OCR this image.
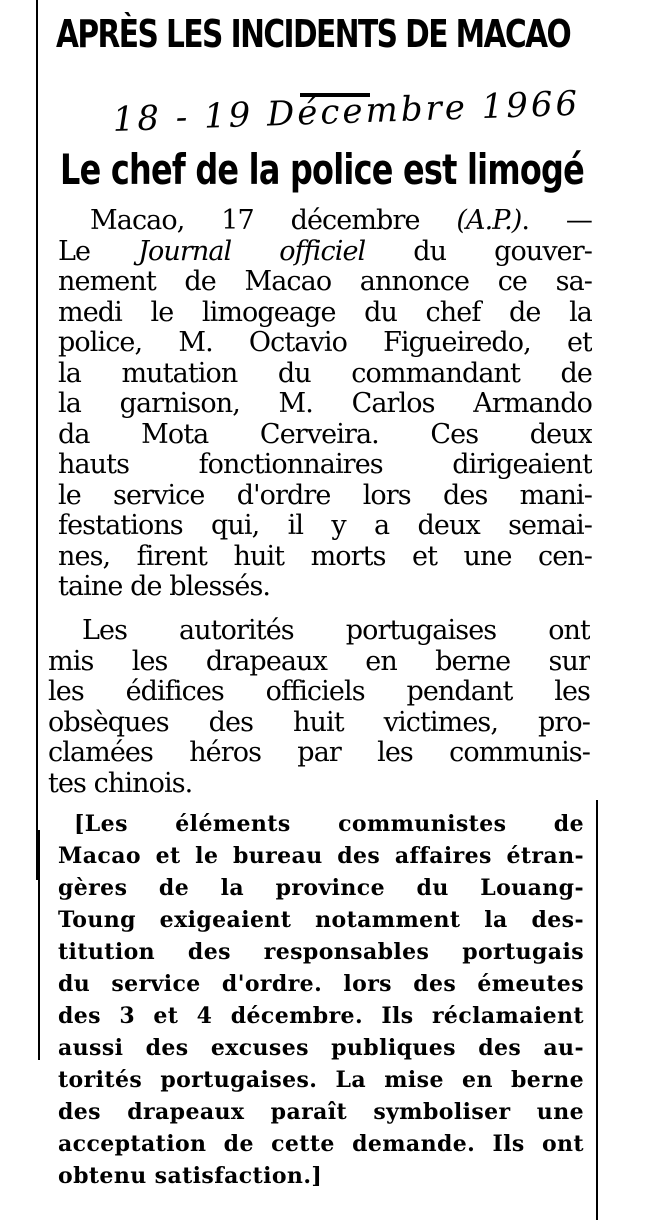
APRÈS LES INCIDENTS DE MACAO
18 - 19 Décembre 1966
Le chef de la police est limogé
Macao, 17 décembre (A.P.). —
Le Journal officiel du gouver-
nement de Macao annonce ce sa-
medi le limogeage du chef de la
police, M. Octavio Figueiredo, et
la mutation du commandant de
la garnison, M. Carlos Armando
da Mota Cerveira. Ces deux
hauts fonctionnaires dirigeaient
le service d'ordre lors des mani-
festations qui, il y a deux semai-
nes, firent huit morts et une cen-
taine de blessés.
Les autorités portugaises ont
mis les drapeaux en berne sur
les édifices officiels pendant les
obsèques des huit victimes, pro-
clamées héros par les communis-
tes chinois.
[Les éléments communistes de
Macao et le bureau des affaires étran-
gères de la province du Louang-
Toung exigeaient notamment la des-
titution des responsables portugais
du service d'ordre. lors des émeutes
des 3 et 4 décembre. Ils réclamaient
aussi des excuses publiques des au-
torités portugaises. La mise en berne
des drapeaux paraît symboliser une
acceptation de cette demande. Ils ont
obtenu satisfaction.]
